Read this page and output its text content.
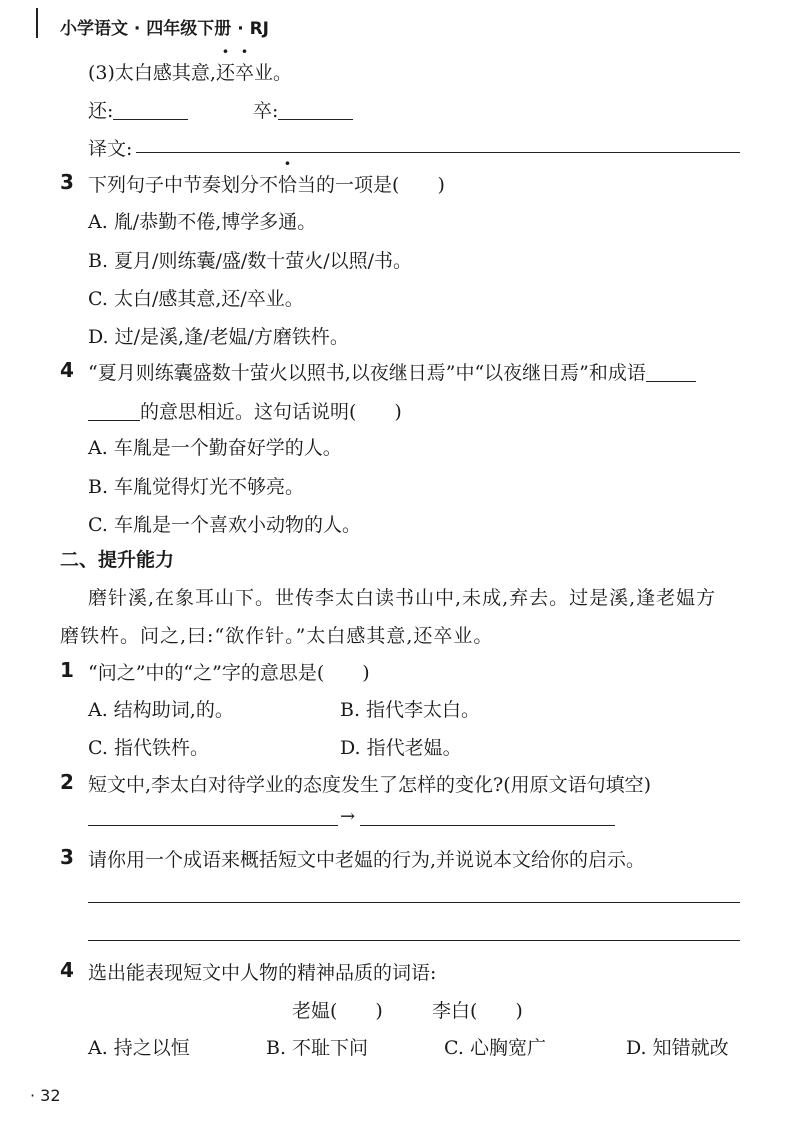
小学语文 · 四年级下册 · RJ
(3)太白感其意,还卒业。
还:	卒:
译文:
3 下列句子中节奏划分不恰当的一项是(　　)
A. 胤/恭勤不倦,博学多通。
B. 夏月/则练囊/盛/数十萤火/以照/书。
C. 太白/感其意,还/卒业。
D. 过/是溪,逢/老媪/方磨铁杵。
4 “夏月则练囊盛数十萤火以照书,以夜继日焉”中“以夜继日焉”和成语
的意思相近。这句话说明(　　)
A. 车胤是一个勤奋好学的人。
B. 车胤觉得灯光不够亮。
C. 车胤是一个喜欢小动物的人。
二、提升能力
磨针溪,在象耳山下。世传李太白读书山中,未成,弃去。过是溪,逢老媪方
磨铁杵。问之,曰:“欲作针。”太白感其意,还卒业。
1 “问之”中的“之”字的意思是(　　)
A. 结构助词,的。	B. 指代李太白。
C. 指代铁杵。	D. 指代老媪。
2 短文中,李太白对待学业的态度发生了怎样的变化?(用原文语句填空)
→
3 请你用一个成语来概括短文中老媪的行为,并说说本文给你的启示。
4 选出能表现短文中人物的精神品质的词语:
老媪(　　)	李白(　　)
A. 持之以恒	B. 不耻下问	C. 心胸宽广	D. 知错就改
· 32
